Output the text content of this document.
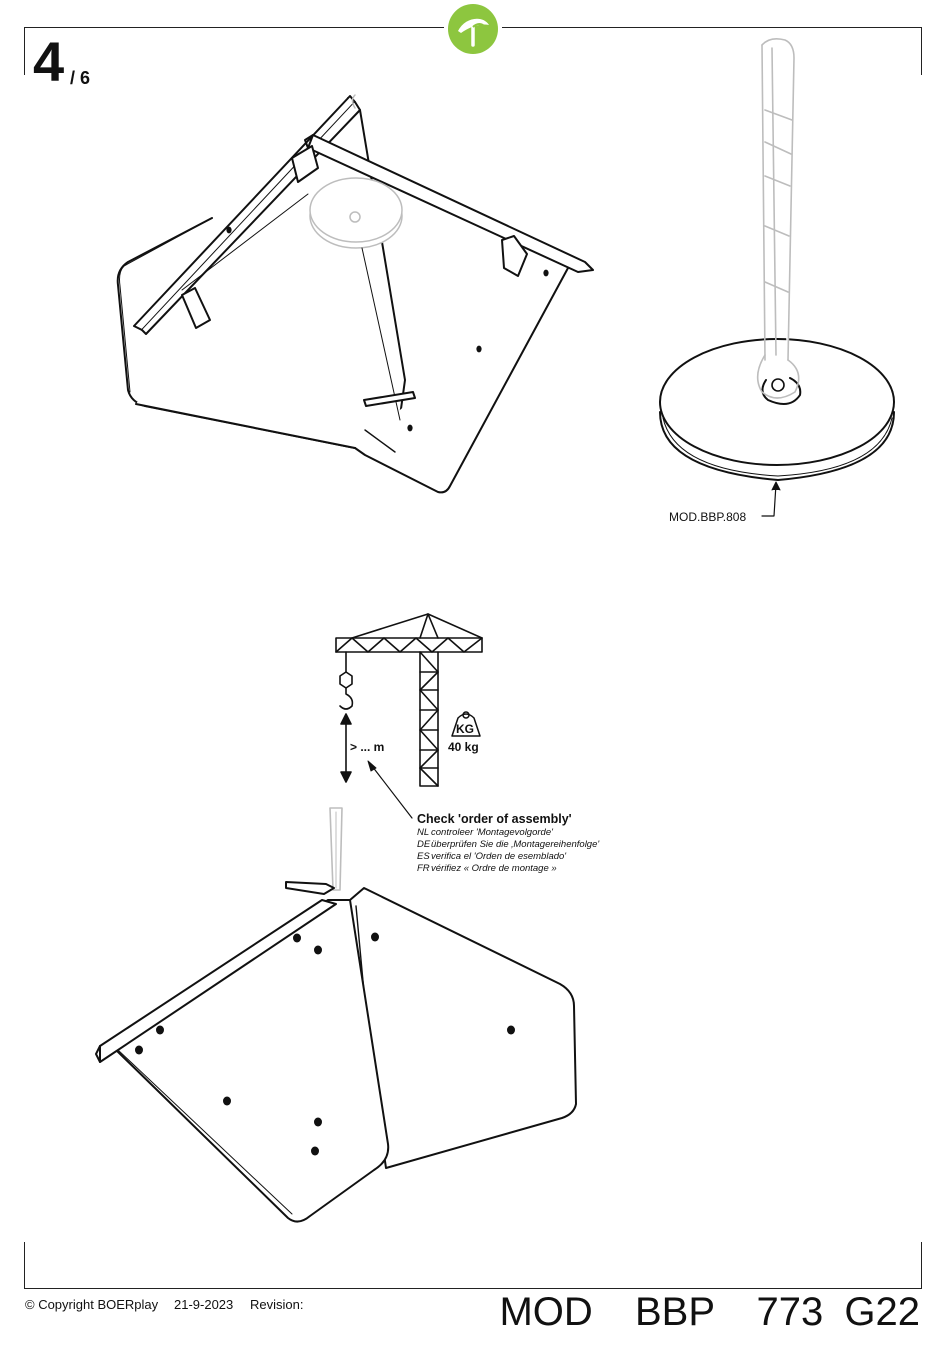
4 / 6
MOD.BBP.808
> ... m
KG
40 kg
Check 'order of assembly'
NL controleer 'Montagevolgorde'
DEüberprüfen Sie die ‚Montagereihenfolge'
ESverifica el 'Orden de esemblado'
FRvérifiez « Ordre de montage »
© Copyright BOERplay 21-9-2023 Revision:	MOD  BBP  773 G22
